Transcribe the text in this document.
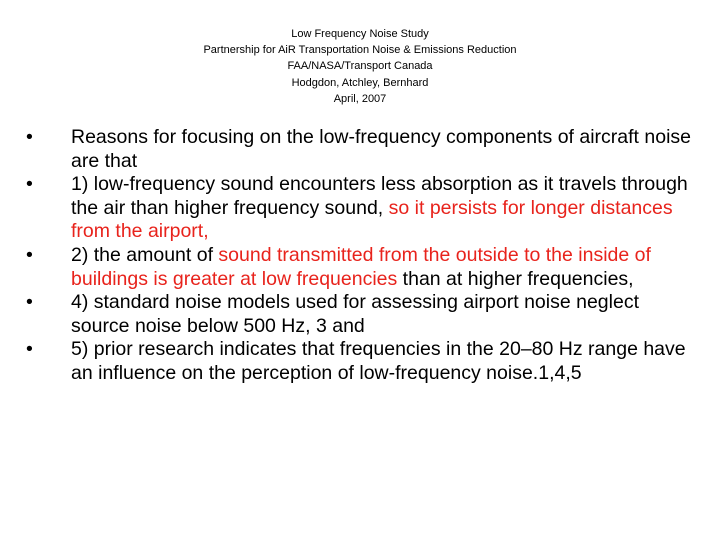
Low Frequency Noise Study
Partnership for AiR Transportation Noise & Emissions Reduction
FAA/NASA/Transport Canada
Hodgdon, Atchley, Bernhard
April, 2007
•	Reasons for focusing on the low-frequency components of aircraft noise are that
•	1) low-frequency sound encounters less absorption as it travels through the air than higher frequency sound, so it persists for longer distances from the airport,
•	2) the amount of sound transmitted from the outside to the inside of buildings is greater at low frequencies than at higher frequencies,
•	4) standard noise models used for assessing airport noise neglect source noise below 500 Hz, 3 and
•	5) prior research indicates that frequencies in the 20–80 Hz range have an influence on the perception of low-frequency noise.1,4,5
